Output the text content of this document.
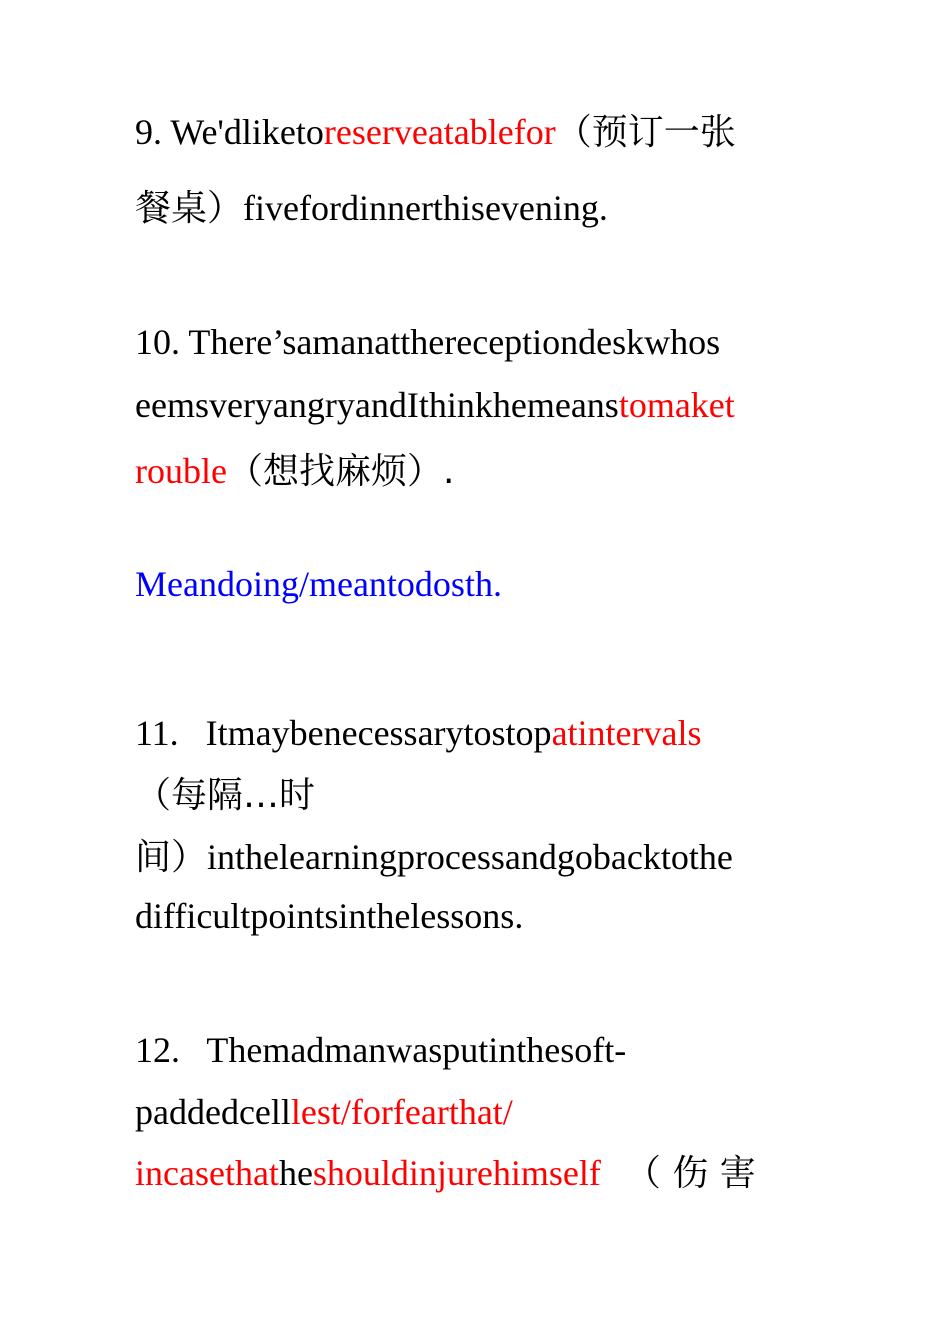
9. We'dliketoreserveatablefor（预订一张
餐桌）fivefordinnerthisevening.
10. There’samanatthereceptiondeskwhos
eemsveryangryandIthinkhemeanstomaket
rouble（想找麻烦）.
Meandoing/meantodosth.
11.   Itmaybenecessarytostopatintervals
（每隔…时
间）inthelearningprocessandgobacktothe
difficultpointsinthelessons.
12.   Themadmanwasputinthesoft-
paddedcelllest/forfearthat/
incasethatheshouldinjurehimself （ 伤 害
